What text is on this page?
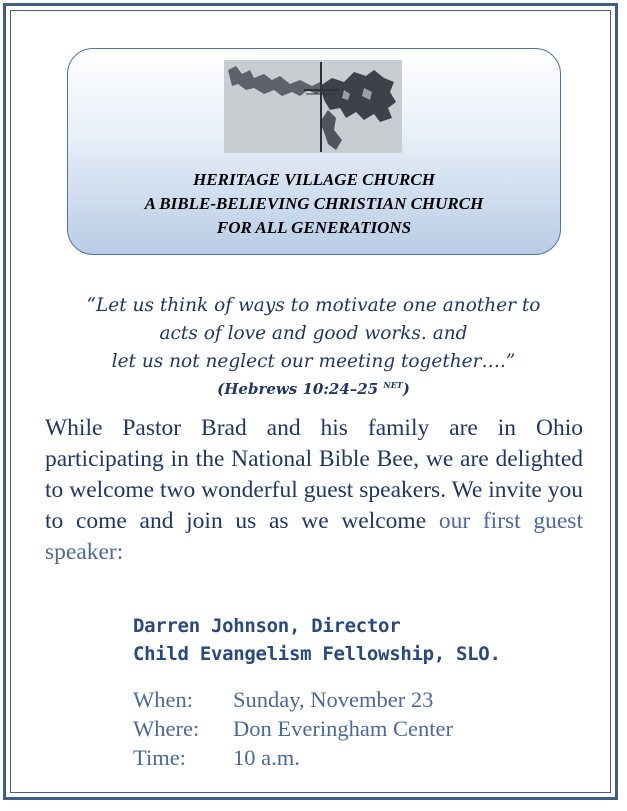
HERITAGE VILLAGE CHURCH
A BIBLE-BELIEVING CHRISTIAN CHURCH
FOR ALL GENERATIONS
“Let us think of ways to motivate one another to
acts of love and good works. and
let us not neglect our meeting together….”
(Hebrews 10:24–25 $^{NET}$)
While Pastor Brad and his family are in Ohio participating in the National Bible Bee, we are delighted to welcome two wonderful guest speakers. We invite you to come and join us as we welcome our first guest speaker:
Darren Johnson, Director
Child Evangelism Fellowship, SLO.
When:	Sunday, November 23
Where:	Don Everingham Center
Time:	10 a.m.
